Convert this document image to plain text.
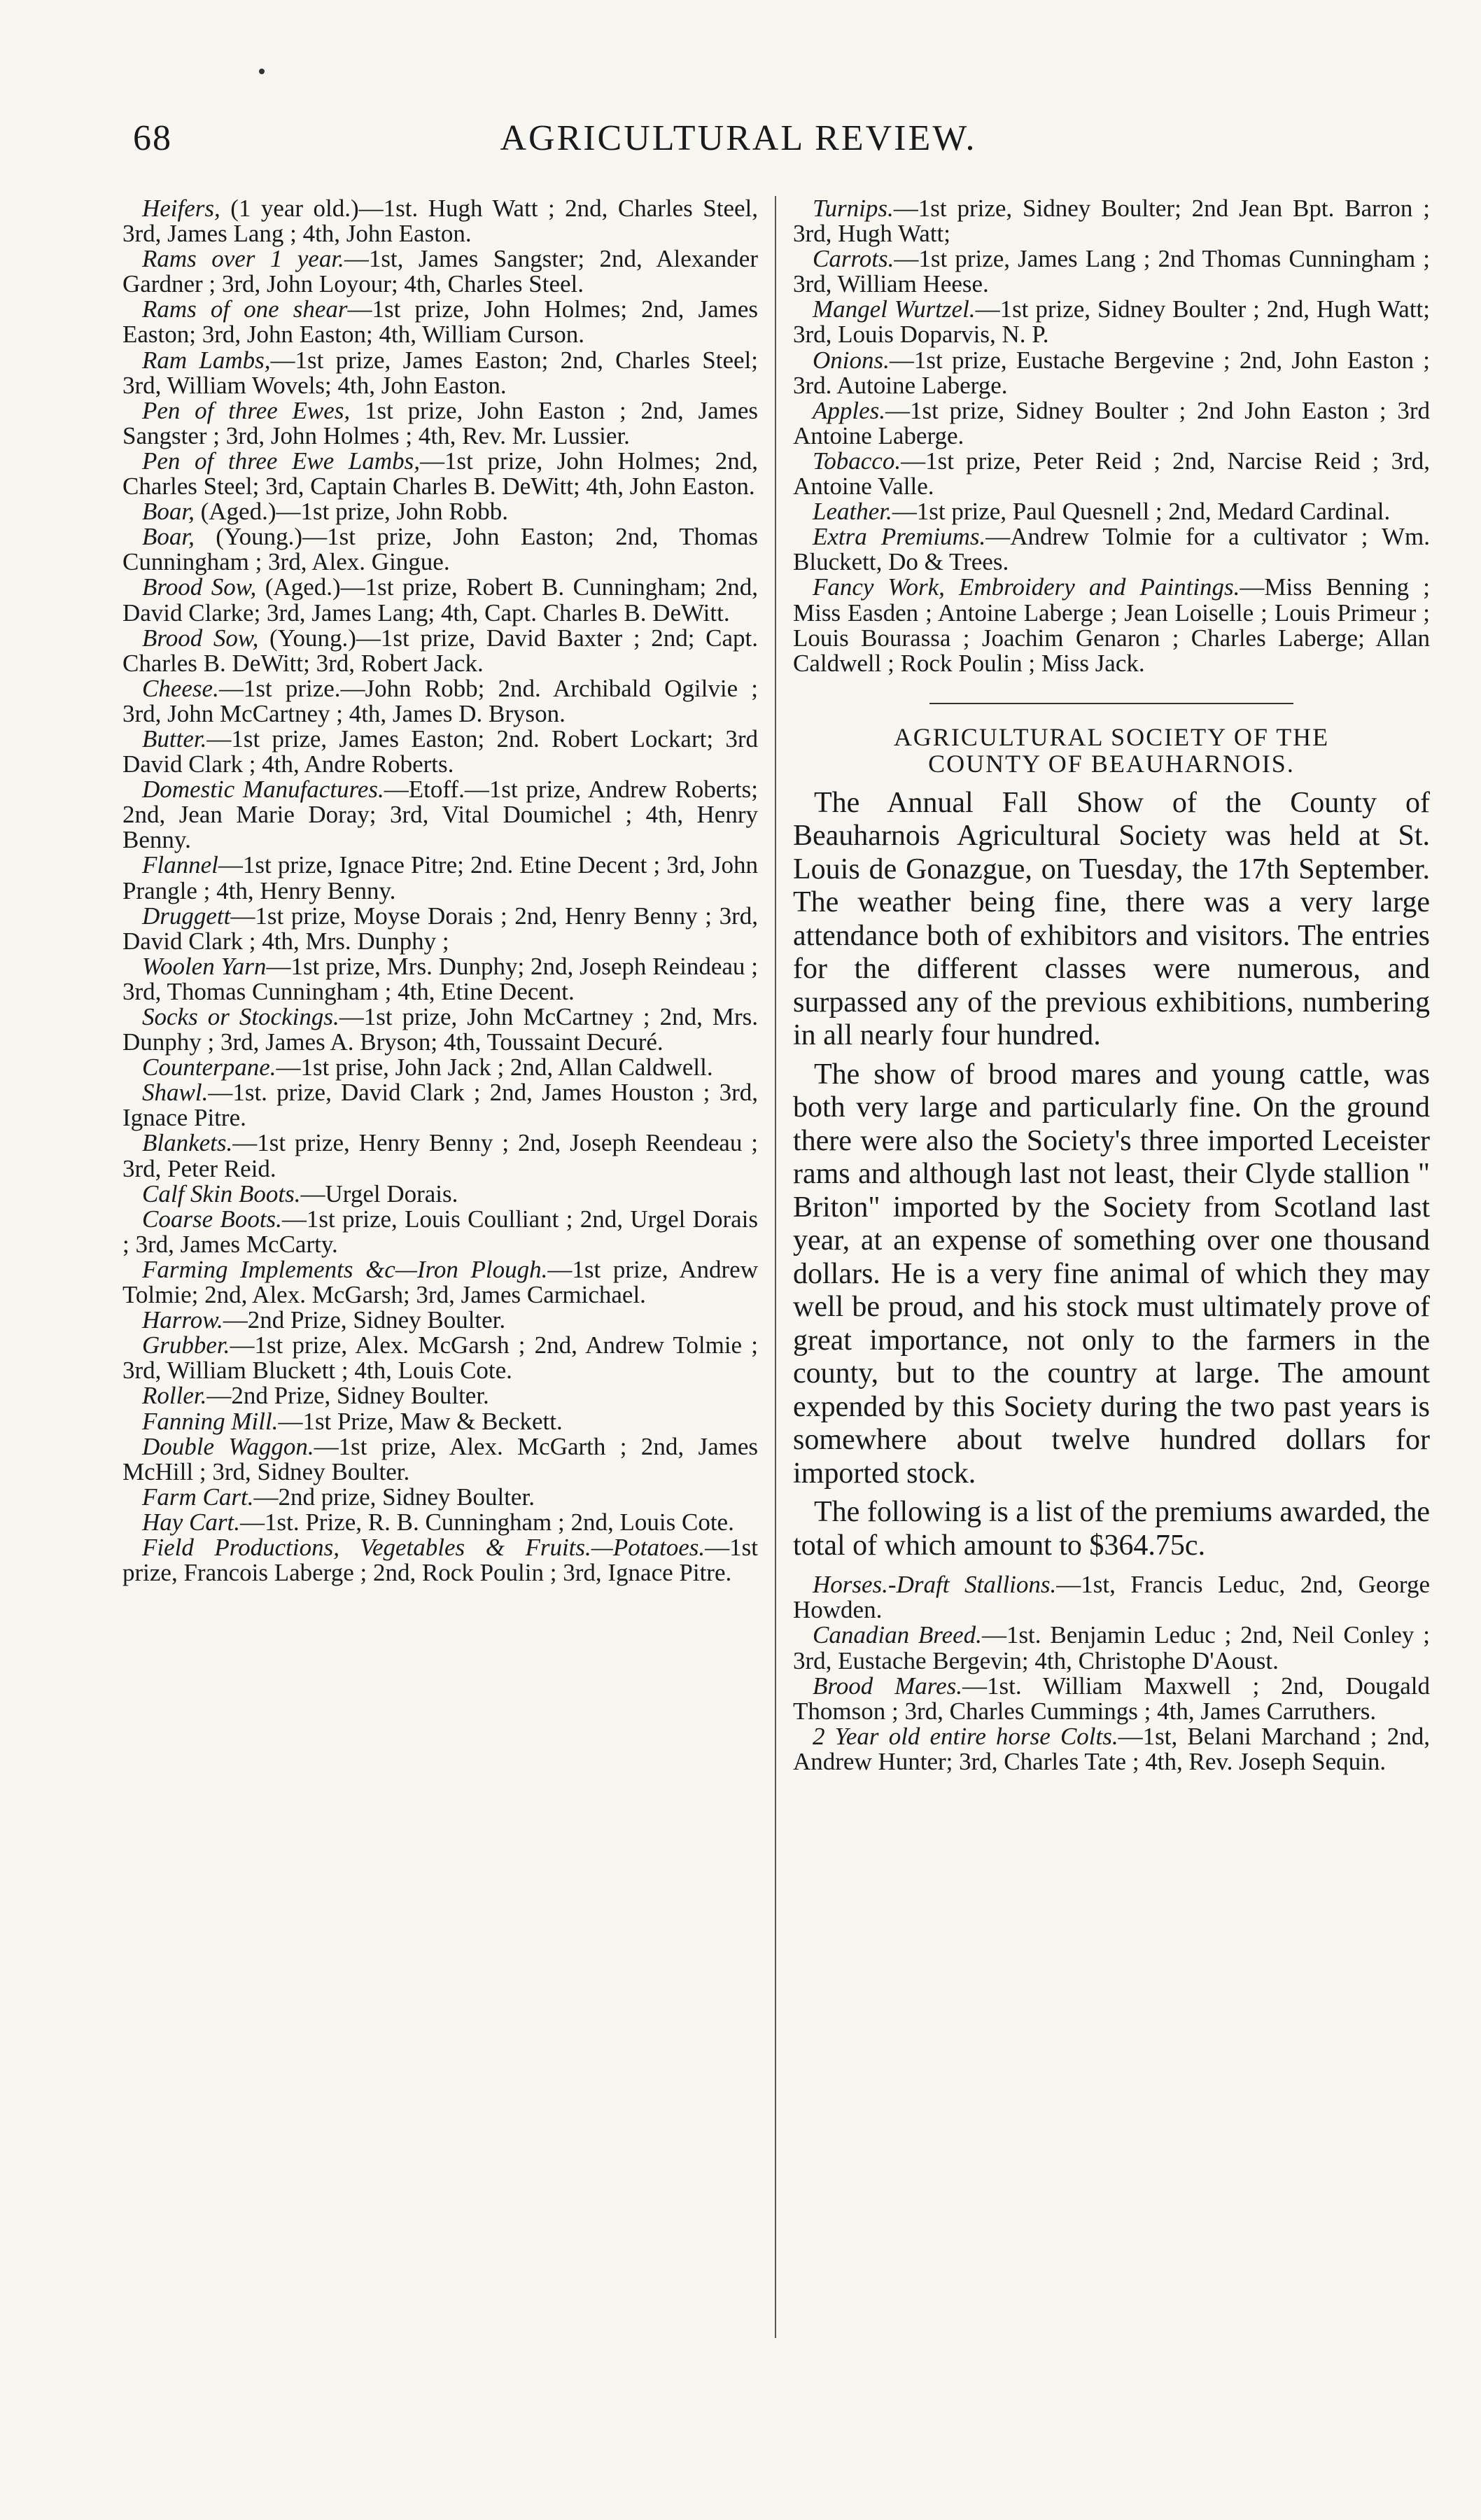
68	AGRICULTURAL REVIEW.

Heifers, (1 year old.)—1st. Hugh Watt ; 2nd, Charles Steel, 3rd, James Lang ; 4th, John Easton.

Rams over 1 year.—1st, James Sangster; 2nd, Alexander Gardner ; 3rd, John Loyour; 4th, Charles Steel.

Rams of one shear—1st prize, John Holmes; 2nd, James Easton; 3rd, John Easton; 4th, William Curson.

Ram Lambs,—1st prize, James Easton; 2nd, Charles Steel; 3rd, William Wovels; 4th, John Easton.

Pen of three Ewes, 1st prize, John Easton ; 2nd, James Sangster ; 3rd, John Holmes ; 4th, Rev. Mr. Lussier.

Pen of three Ewe Lambs,—1st prize, John Holmes; 2nd, Charles Steel; 3rd, Captain Charles B. DeWitt; 4th, John Easton.

Boar, (Aged.)—1st prize, John Robb.

Boar, (Young.)—1st prize, John Easton; 2nd, Thomas Cunningham ; 3rd, Alex. Gingue.

Brood Sow, (Aged.)—1st prize, Robert B. Cunningham; 2nd, David Clarke; 3rd, James Lang; 4th, Capt. Charles B. DeWitt.

Brood Sow, (Young.)—1st prize, David Baxter ; 2nd; Capt. Charles B. DeWitt; 3rd, Robert Jack.

Cheese.—1st prize.—John Robb; 2nd. Archibald Ogilvie ; 3rd, John McCartney ; 4th, James D. Bryson.

Butter.—1st prize, James Easton; 2nd. Robert Lockart; 3rd David Clark ; 4th, Andre Roberts.

Domestic Manufactures.—Etoff.—1st prize, Andrew Roberts; 2nd, Jean Marie Doray; 3rd, Vital Doumichel ; 4th, Henry Benny.

Flannel—1st prize, Ignace Pitre; 2nd. Etine Decent ; 3rd, John Prangle ; 4th, Henry Benny.

Druggett—1st prize, Moyse Dorais ; 2nd, Henry Benny ; 3rd, David Clark ; 4th, Mrs. Dunphy ;

Woolen Yarn—1st prize, Mrs. Dunphy; 2nd, Joseph Reindeau ; 3rd, Thomas Cunningham ; 4th, Etine Decent.

Socks or Stockings.—1st prize, John McCartney ; 2nd, Mrs. Dunphy ; 3rd, James A. Bryson; 4th, Toussaint Decuré.

Counterpane.—1st prise, John Jack ; 2nd, Allan Caldwell.

Shawl.—1st. prize, David Clark ; 2nd, James Houston ; 3rd, Ignace Pitre.

Blankets.—1st prize, Henry Benny ; 2nd, Joseph Reendeau ; 3rd, Peter Reid.

Calf Skin Boots.—Urgel Dorais.

Coarse Boots.—1st prize, Louis Coulliant ; 2nd, Urgel Dorais ; 3rd, James McCarty.

Farming Implements &c—Iron Plough.—1st prize, Andrew Tolmie; 2nd, Alex. McGarsh; 3rd, James Carmichael.

Harrow.—2nd Prize, Sidney Boulter.

Grubber.—1st prize, Alex. McGarsh ; 2nd, Andrew Tolmie ; 3rd, William Bluckett ; 4th, Louis Cote.

Roller.—2nd Prize, Sidney Boulter.

Fanning Mill.—1st Prize, Maw & Beckett.

Double Waggon.—1st prize, Alex. McGarth ; 2nd, James McHill ; 3rd, Sidney Boulter.

Farm Cart.—2nd prize, Sidney Boulter.

Hay Cart.—1st. Prize, R. B. Cunningham ; 2nd, Louis Cote.

Field Productions, Vegetables & Fruits.—Potatoes.—1st prize, Francois Laberge ; 2nd, Rock Poulin ; 3rd, Ignace Pitre.

Turnips.—1st prize, Sidney Boulter; 2nd Jean Bpt. Barron ; 3rd, Hugh Watt;

Carrots.—1st prize, James Lang ; 2nd Thomas Cunningham ; 3rd, William Heese.

Mangel Wurtzel.—1st prize, Sidney Boulter ; 2nd, Hugh Watt; 3rd, Louis Doparvis, N. P.

Onions.—1st prize, Eustache Bergevine ; 2nd, John Easton ; 3rd. Autoine Laberge.

Apples.—1st prize, Sidney Boulter ; 2nd John Easton ; 3rd Antoine Laberge.

Tobacco.—1st prize, Peter Reid ; 2nd, Narcise Reid ; 3rd, Antoine Valle.

Leather.—1st prize, Paul Quesnell ; 2nd, Medard Cardinal.

Extra Premiums.—Andrew Tolmie for a cultivator ; Wm. Bluckett, Do & Trees.

Fancy Work, Embroidery and Paintings.—Miss Benning ; Miss Easden ; Antoine Laberge ; Jean Loiselle ; Louis Primeur ; Louis Bourassa ; Joachim Genaron ; Charles Laberge; Allan Caldwell ; Rock Poulin ; Miss Jack.

AGRICULTURAL SOCIETY OF THE
COUNTY OF BEAUHARNOIS.

The Annual Fall Show of the County of Beauharnois Agricultural Society was held at St. Louis de Gonazgue, on Tuesday, the 17th September. The weather being fine, there was a very large attendance both of exhibitors and visitors. The entries for the different classes were numerous, and surpassed any of the previous exhibitions, numbering in all nearly four hundred.

The show of brood mares and young cattle, was both very large and particularly fine. On the ground there were also the Society's three imported Leceister rams and although last not least, their Clyde stallion " Briton" imported by the Society from Scotland last year, at an expense of something over one thousand dollars. He is a very fine animal of which they may well be proud, and his stock must ultimately prove of great importance, not only to the farmers in the county, but to the country at large. The amount expended by this Society during the two past years is somewhere about twelve hundred dollars for imported stock.

The following is a list of the premiums awarded, the total of which amount to $364.75c.

Horses.-Draft Stallions.—1st, Francis Leduc, 2nd, George Howden.

Canadian Breed.—1st. Benjamin Leduc ; 2nd, Neil Conley ; 3rd, Eustache Bergevin; 4th, Christophe D'Aoust.

Brood Mares.—1st. William Maxwell ; 2nd, Dougald Thomson ; 3rd, Charles Cummings ; 4th, James Carruthers.

2 Year old entire horse Colts.—1st, Belani Marchand ; 2nd, Andrew Hunter; 3rd, Charles Tate ; 4th, Rev. Joseph Sequin.
